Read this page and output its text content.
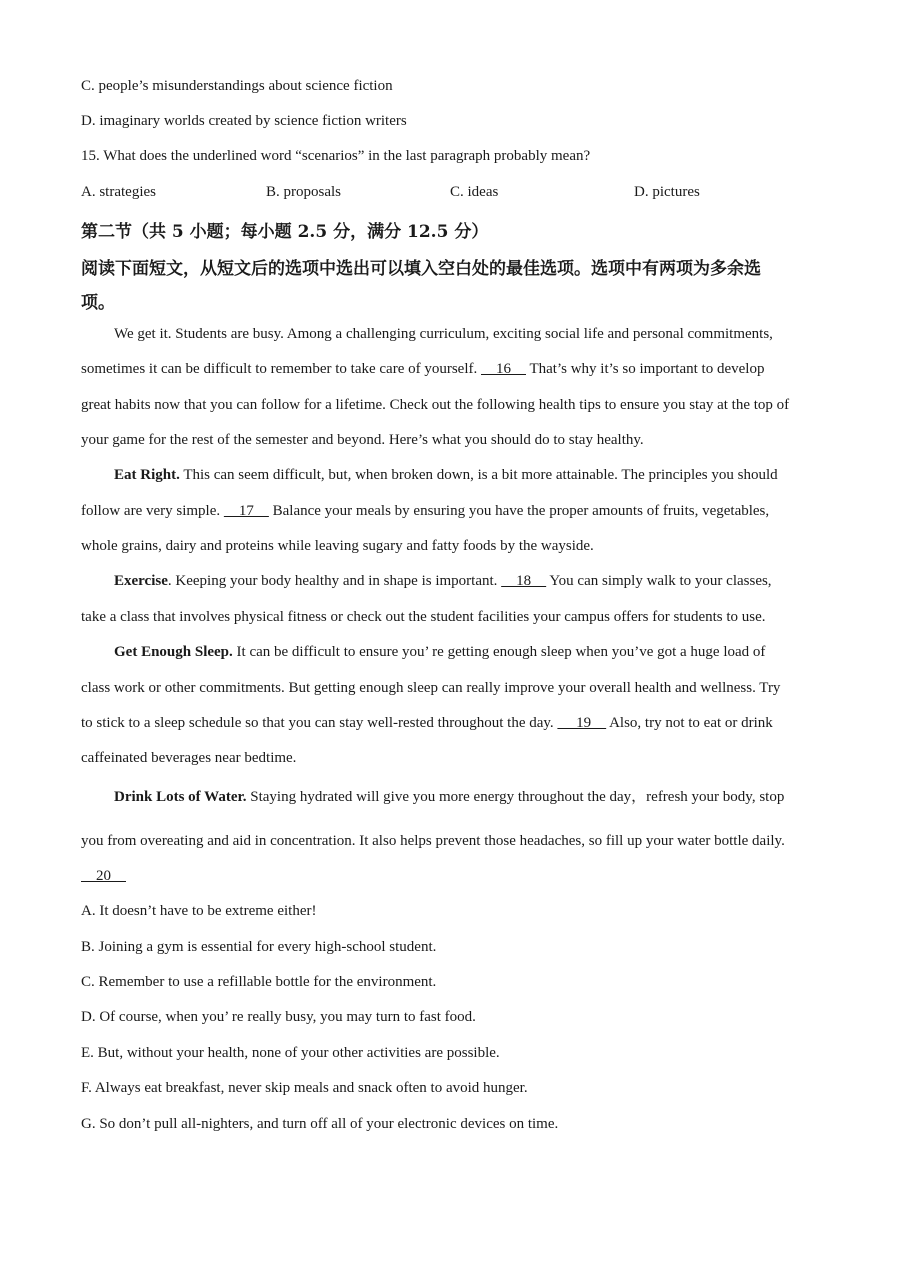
C. people’s misunderstandings about science fiction
D. imaginary worlds created by science fiction writers
15. What does the underlined word “scenarios” in the last paragraph probably mean?
A. strategies	B. proposals	C. ideas	D. pictures
第二节（共 5 小题；每小题 2.5 分，满分 12.5 分）
阅读下面短文，从短文后的选项中选出可以填入空白处的最佳选项。选项中有两项为多余选
项。
We get it. Students are busy. Among a challenging curriculum, exciting social life and personal commitments,
sometimes it can be difficult to remember to take care of yourself.     16     That’s why it’s so important to develop
great habits now that you can follow for a lifetime. Check out the following health tips to ensure you stay at the top of
your game for the rest of the semester and beyond. Here’s what you should do to stay healthy.
Eat Right. This can seem difficult, but, when broken down, is a bit more attainable. The principles you should
follow are very simple.     17     Balance your meals by ensuring you have the proper amounts of fruits, vegetables,
whole grains, dairy and proteins while leaving sugary and fatty foods by the wayside.
Exercise. Keeping your body healthy and in shape is important.     18     You can simply walk to your classes,
take a class that involves physical fitness or check out the student facilities your campus offers for students to use.
Get Enough Sleep. It can be difficult to ensure you’ re getting enough sleep when you’ve got a huge load of
class work or other commitments. But getting enough sleep can really improve your overall health and wellness. Try
to stick to a sleep schedule so that you can stay well-rested throughout the day.      19     Also, try not to eat or drink
caffeinated beverages near bedtime.
Drink Lots of Water. Staying hydrated will give you more energy throughout the day，refresh your body, stop
you from overeating and aid in concentration. It also helps prevent those headaches, so fill up your water bottle daily.
20
A. It doesn’t have to be extreme either!
B. Joining a gym is essential for every high-school student.
C. Remember to use a refillable bottle for the environment.
D. Of course, when you’ re really busy, you may turn to fast food.
E. But, without your health, none of your other activities are possible.
F. Always eat breakfast, never skip meals and snack often to avoid hunger.
G. So don’t pull all-nighters, and turn off all of your electronic devices on time.
